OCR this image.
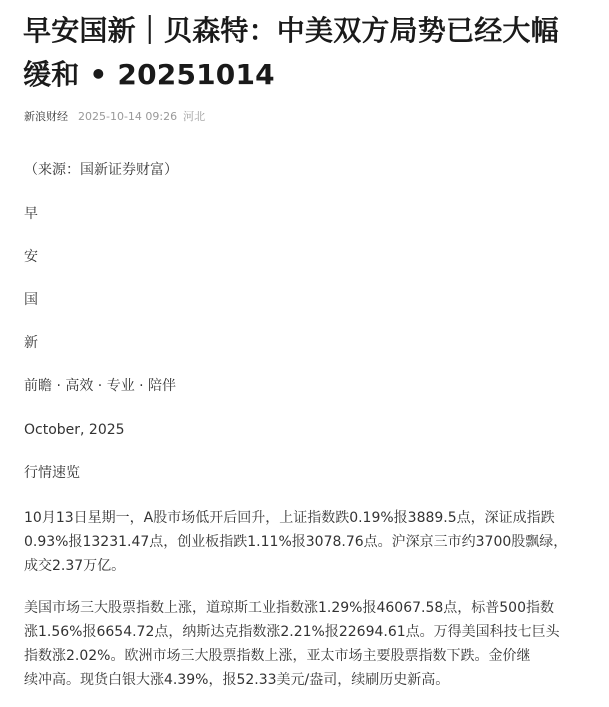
早安国新｜贝森特：中美双方局势已经大幅
缓和 • 20251014
新浪财经 2025-10-14 09:26 河北
（来源：国新证券财富）
早
安
国
新
前瞻 · 高效 · 专业 · 陪伴
October, 2025
行情速览
10月13日星期一，A股市场低开后回升，上证指数跌0.19%报3889.5点，深证成指跌
0.93%报13231.47点，创业板指跌1.11%报3078.76点。沪深京三市约3700股飘绿，
成交2.37万亿。
美国市场三大股票指数上涨，道琼斯工业指数涨1.29%报46067.58点，标普500指数
涨1.56%报6654.72点，纳斯达克指数涨2.21%报22694.61点。万得美国科技七巨头
指数涨2.02%。欧洲市场三大股票指数上涨，亚太市场主要股票指数下跌。金价继
续冲高。现货白银大涨4.39%，报52.33美元/盎司，续刷历史新高。
